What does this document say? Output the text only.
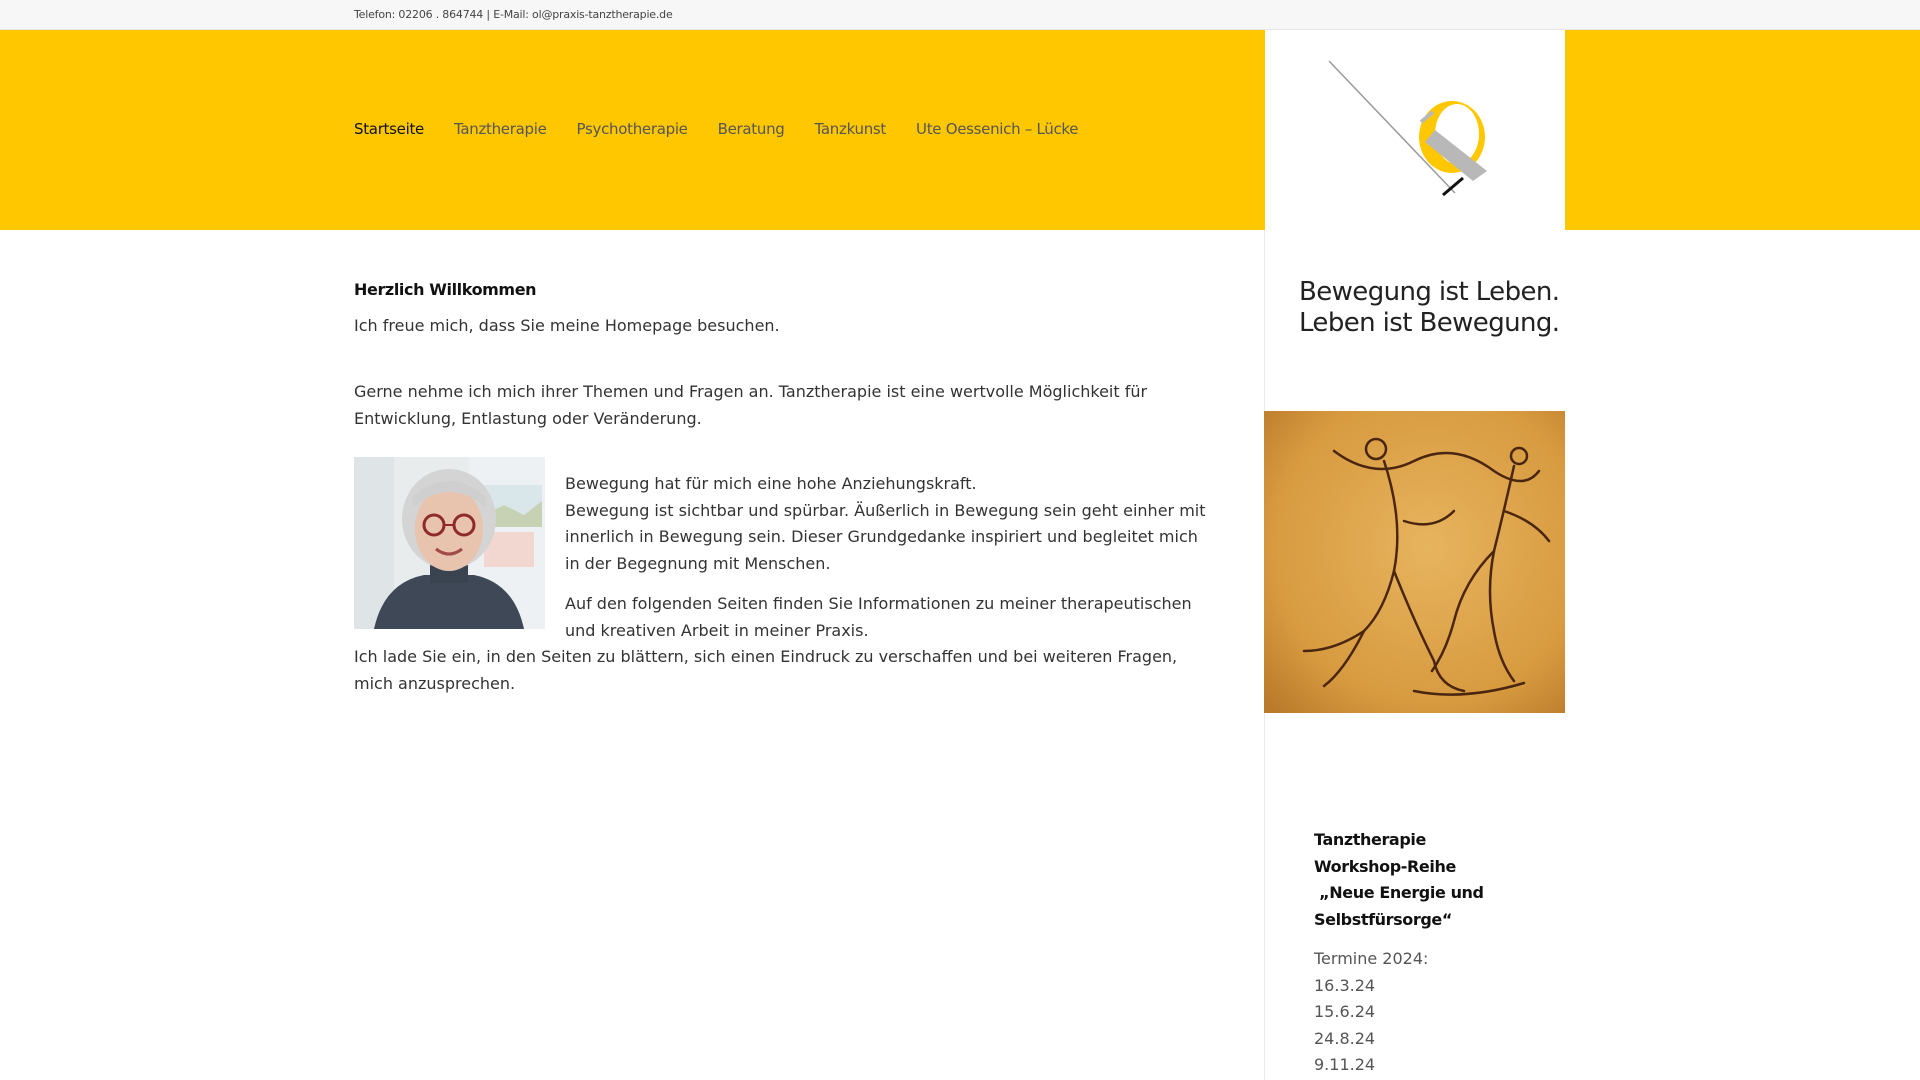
Telefon: 02206 . 864744 | E-Mail: ol@praxis-tanztherapie.de
Startseite Tanztherapie Psychotherapie Beratung Tanzkunst Ute Oessenich – Lücke

Herzlich Willkommen

Ich freue mich, dass Sie meine Homepage besuchen.

Gerne nehme ich mich ihrer Themen und Fragen an. Tanztherapie ist eine wertvolle Möglichkeit für Entwicklung, Entlastung oder Veränderung.

Bewegung hat für mich eine hohe Anziehungskraft.

Bewegung ist sichtbar und spürbar. Äußerlich in Bewegung sein geht einher mit innerlich in Bewegung sein. Dieser Grundgedanke inspiriert und begleitet mich in der Begegnung mit Menschen.

Auf den folgenden Seiten finden Sie Informationen zu meiner therapeutischen und kreativen Arbeit in meiner Praxis.

Ich lade Sie ein, in den Seiten zu blättern, sich einen Eindruck zu verschaffen und bei weiteren Fragen, mich anzusprechen.

Bewegung ist Leben.
Leben ist Bewegung.
Tanztherapie
Workshop-Reihe
„Neue Energie und
Selbstfürsorge“
Termine 2024:
16.3.24
15.6.24
24.8.24
9.11.24
